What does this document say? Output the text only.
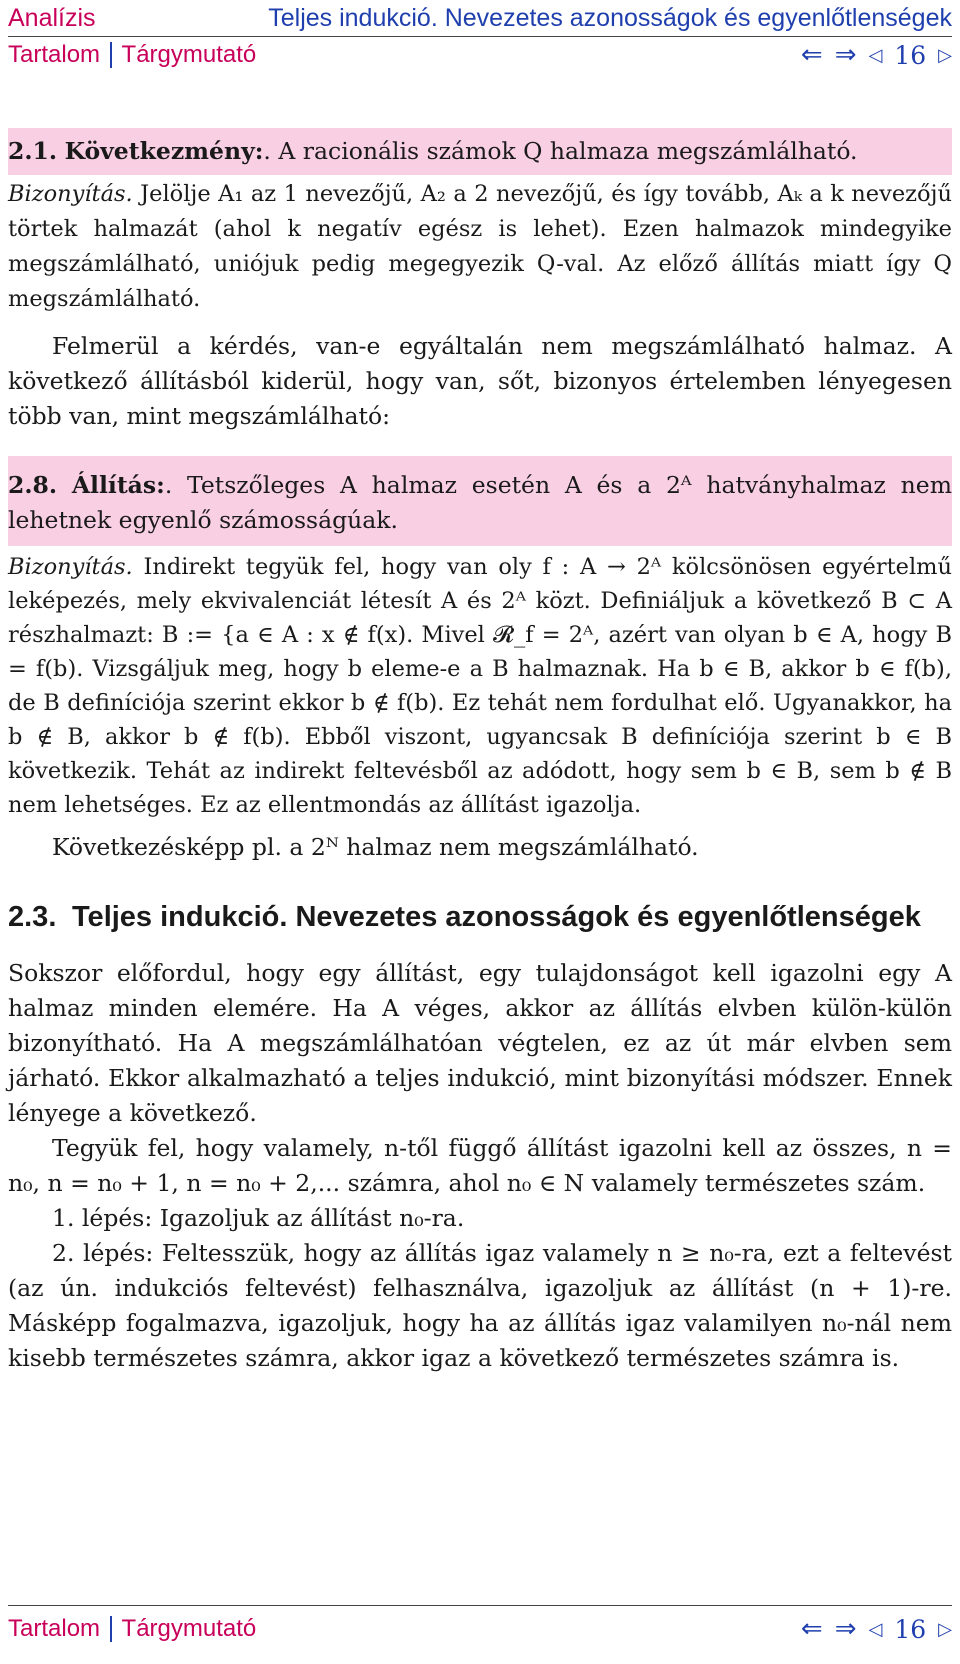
Analízis	Teljes indukció. Nevezetes azonosságok és egyenlőtlenségek
Tartalom Tárgymutató	⇐ ⇒ ◁ 16 ▷

2.1. Következmény:. A racionális számok Q halmaza megszámlálható.

Bizonyítás. Jelölje A₁ az 1 nevezőjű, A₂ a 2 nevezőjű, és így tovább, Aₖ a k nevezőjű törtek halmazát (ahol k negatív egész is lehet). Ezen halmazok mindegyike megszámlálható, uniójuk pedig megegyezik Q-val. Az előző állítás miatt így Q megszámlálható.

Felmerül a kérdés, van-e egyáltalán nem megszámlálható halmaz. A következő állításból kiderül, hogy van, sőt, bizonyos értelemben lényegesen több van, mint megszámlálható:

2.8. Állítás:. Tetszőleges A halmaz esetén A és a 2ᴬ hatványhalmaz nem lehetnek egyenlő számosságúak.

Bizonyítás. Indirekt tegyük fel, hogy van oly f : A → 2ᴬ kölcsönösen egyértelmű leképezés, mely ekvivalenciát létesít A és 2ᴬ közt. Definiáljuk a következő B ⊂ A részhalmazt: B := {a ∈ A : x ∉ f(x). Mivel 𝓡_f = 2ᴬ, azért van olyan b ∈ A, hogy B = f(b). Vizsgáljuk meg, hogy b eleme-e a B halmaznak. Ha b ∈ B, akkor b ∈ f(b), de B definíciója szerint ekkor b ∉ f(b). Ez tehát nem fordulhat elő. Ugyanakkor, ha b ∉ B, akkor b ∉ f(b). Ebből viszont, ugyancsak B definíciója szerint b ∈ B következik. Tehát az indirekt feltevésből az adódott, hogy sem b ∈ B, sem b ∉ B nem lehetséges. Ez az ellentmondás az állítást igazolja.

Következésképp pl. a 2ᴺ halmaz nem megszámlálható.

2.3. Teljes indukció. Nevezetes azonosságok és egyenlőtlenségek

Sokszor előfordul, hogy egy állítást, egy tulajdonságot kell igazolni egy A halmaz minden elemére. Ha A véges, akkor az állítás elvben külön-külön bizonyítható. Ha A megszámlálhatóan végtelen, ez az út már elvben sem járható. Ekkor alkalmazható a teljes indukció, mint bizonyítási módszer. Ennek lényege a következő.

Tegyük fel, hogy valamely, n-től függő állítást igazolni kell az összes, n = n₀, n = n₀ + 1, n = n₀ + 2,... számra, ahol n₀ ∈ N valamely természetes szám.

1. lépés: Igazoljuk az állítást n₀-ra.

2. lépés: Feltesszük, hogy az állítás igaz valamely n ≥ n₀-ra, ezt a feltevést (az ún. indukciós feltevést) felhasználva, igazoljuk az állítást (n + 1)-re. Másképp fogalmazva, igazoljuk, hogy ha az állítás igaz valamilyen n₀-nál nem kisebb természetes számra, akkor igaz a következő természetes számra is.

Tartalom Tárgymutató	⇐ ⇒ ◁ 16 ▷
